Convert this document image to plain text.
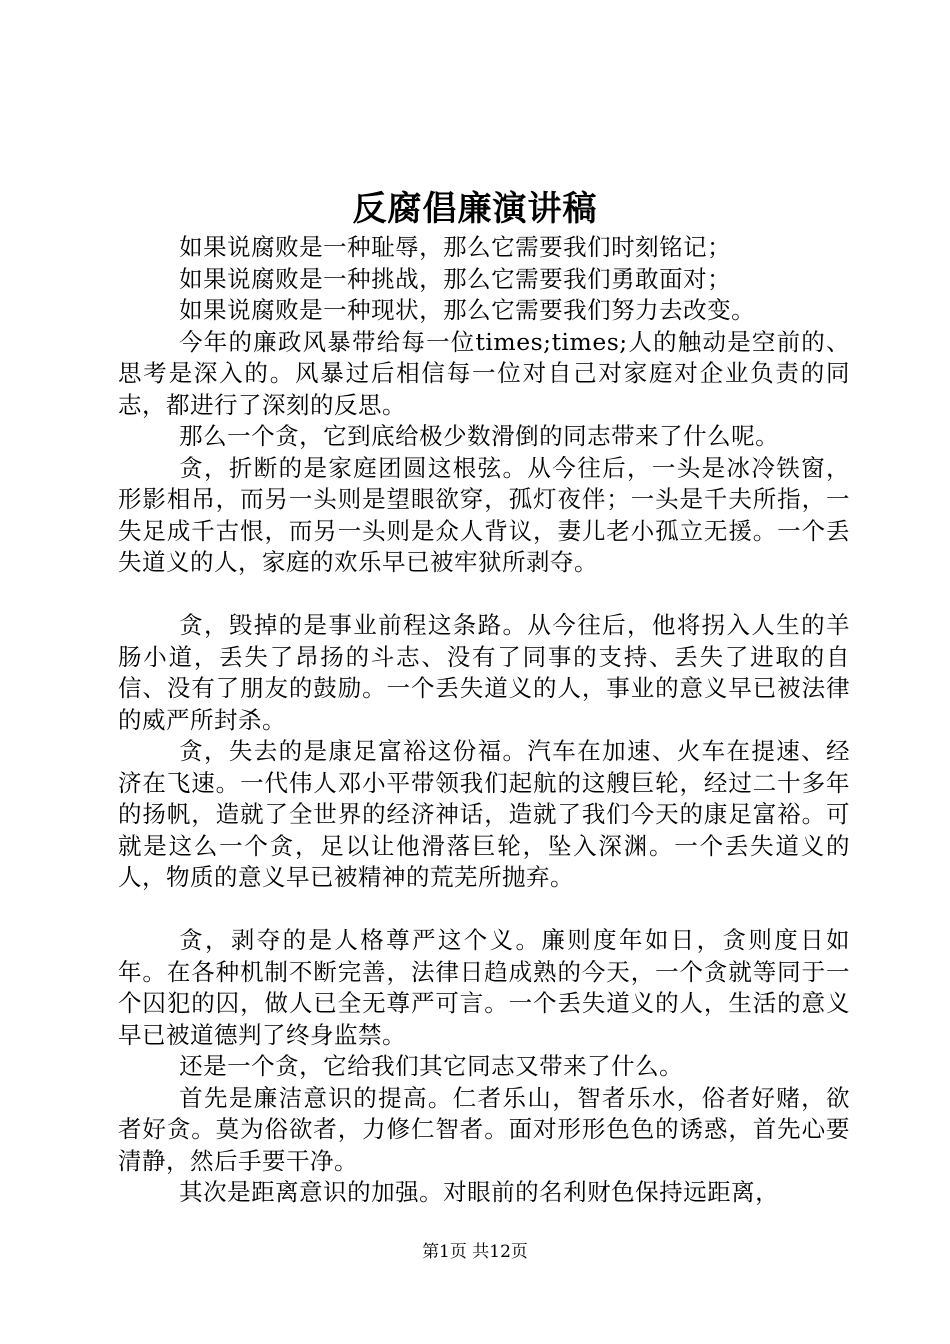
反腐倡廉演讲稿

如果说腐败是一种耻辱，那么它需要我们时刻铭记；

如果说腐败是一种挑战，那么它需要我们勇敢面对；

如果说腐败是一种现状，那么它需要我们努力去改变。

今年的廉政风暴带给每一位times;times;人的触动是空前的、思考是深入的。风暴过后相信每一位对自己对家庭对企业负责的同志，都进行了深刻的反思。

那么一个贪，它到底给极少数滑倒的同志带来了什么呢。

贪，折断的是家庭团圆这根弦。从今往后，一头是冰冷铁窗，形影相吊，而另一头则是望眼欲穿，孤灯夜伴；一头是千夫所指，一失足成千古恨，而另一头则是众人背议，妻儿老小孤立无援。一个丢失道义的人，家庭的欢乐早已被牢狱所剥夺。

贪，毁掉的是事业前程这条路。从今往后，他将拐入人生的羊肠小道，丢失了昂扬的斗志、没有了同事的支持、丢失了进取的自信、没有了朋友的鼓励。一个丢失道义的人，事业的意义早已被法律的威严所封杀。

贪，失去的是康足富裕这份福。汽车在加速、火车在提速、经济在飞速。一代伟人邓小平带领我们起航的这艘巨轮，经过二十多年的扬帆，造就了全世界的经济神话，造就了我们今天的康足富裕。可就是这么一个贪，足以让他滑落巨轮，坠入深渊。一个丢失道义的人，物质的意义早已被精神的荒芜所抛弃。

贪，剥夺的是人格尊严这个义。廉则度年如日，贪则度日如年。在各种机制不断完善，法律日趋成熟的今天，一个贪就等同于一个囚犯的囚，做人已全无尊严可言。一个丢失道义的人，生活的意义早已被道德判了终身监禁。

还是一个贪，它给我们其它同志又带来了什么。

首先是廉洁意识的提高。仁者乐山，智者乐水，俗者好赌，欲者好贪。莫为俗欲者，力修仁智者。面对形形色色的诱惑，首先心要清静，然后手要干净。

其次是距离意识的加强。对眼前的名利财色保持远距离，

第1页 共12页
